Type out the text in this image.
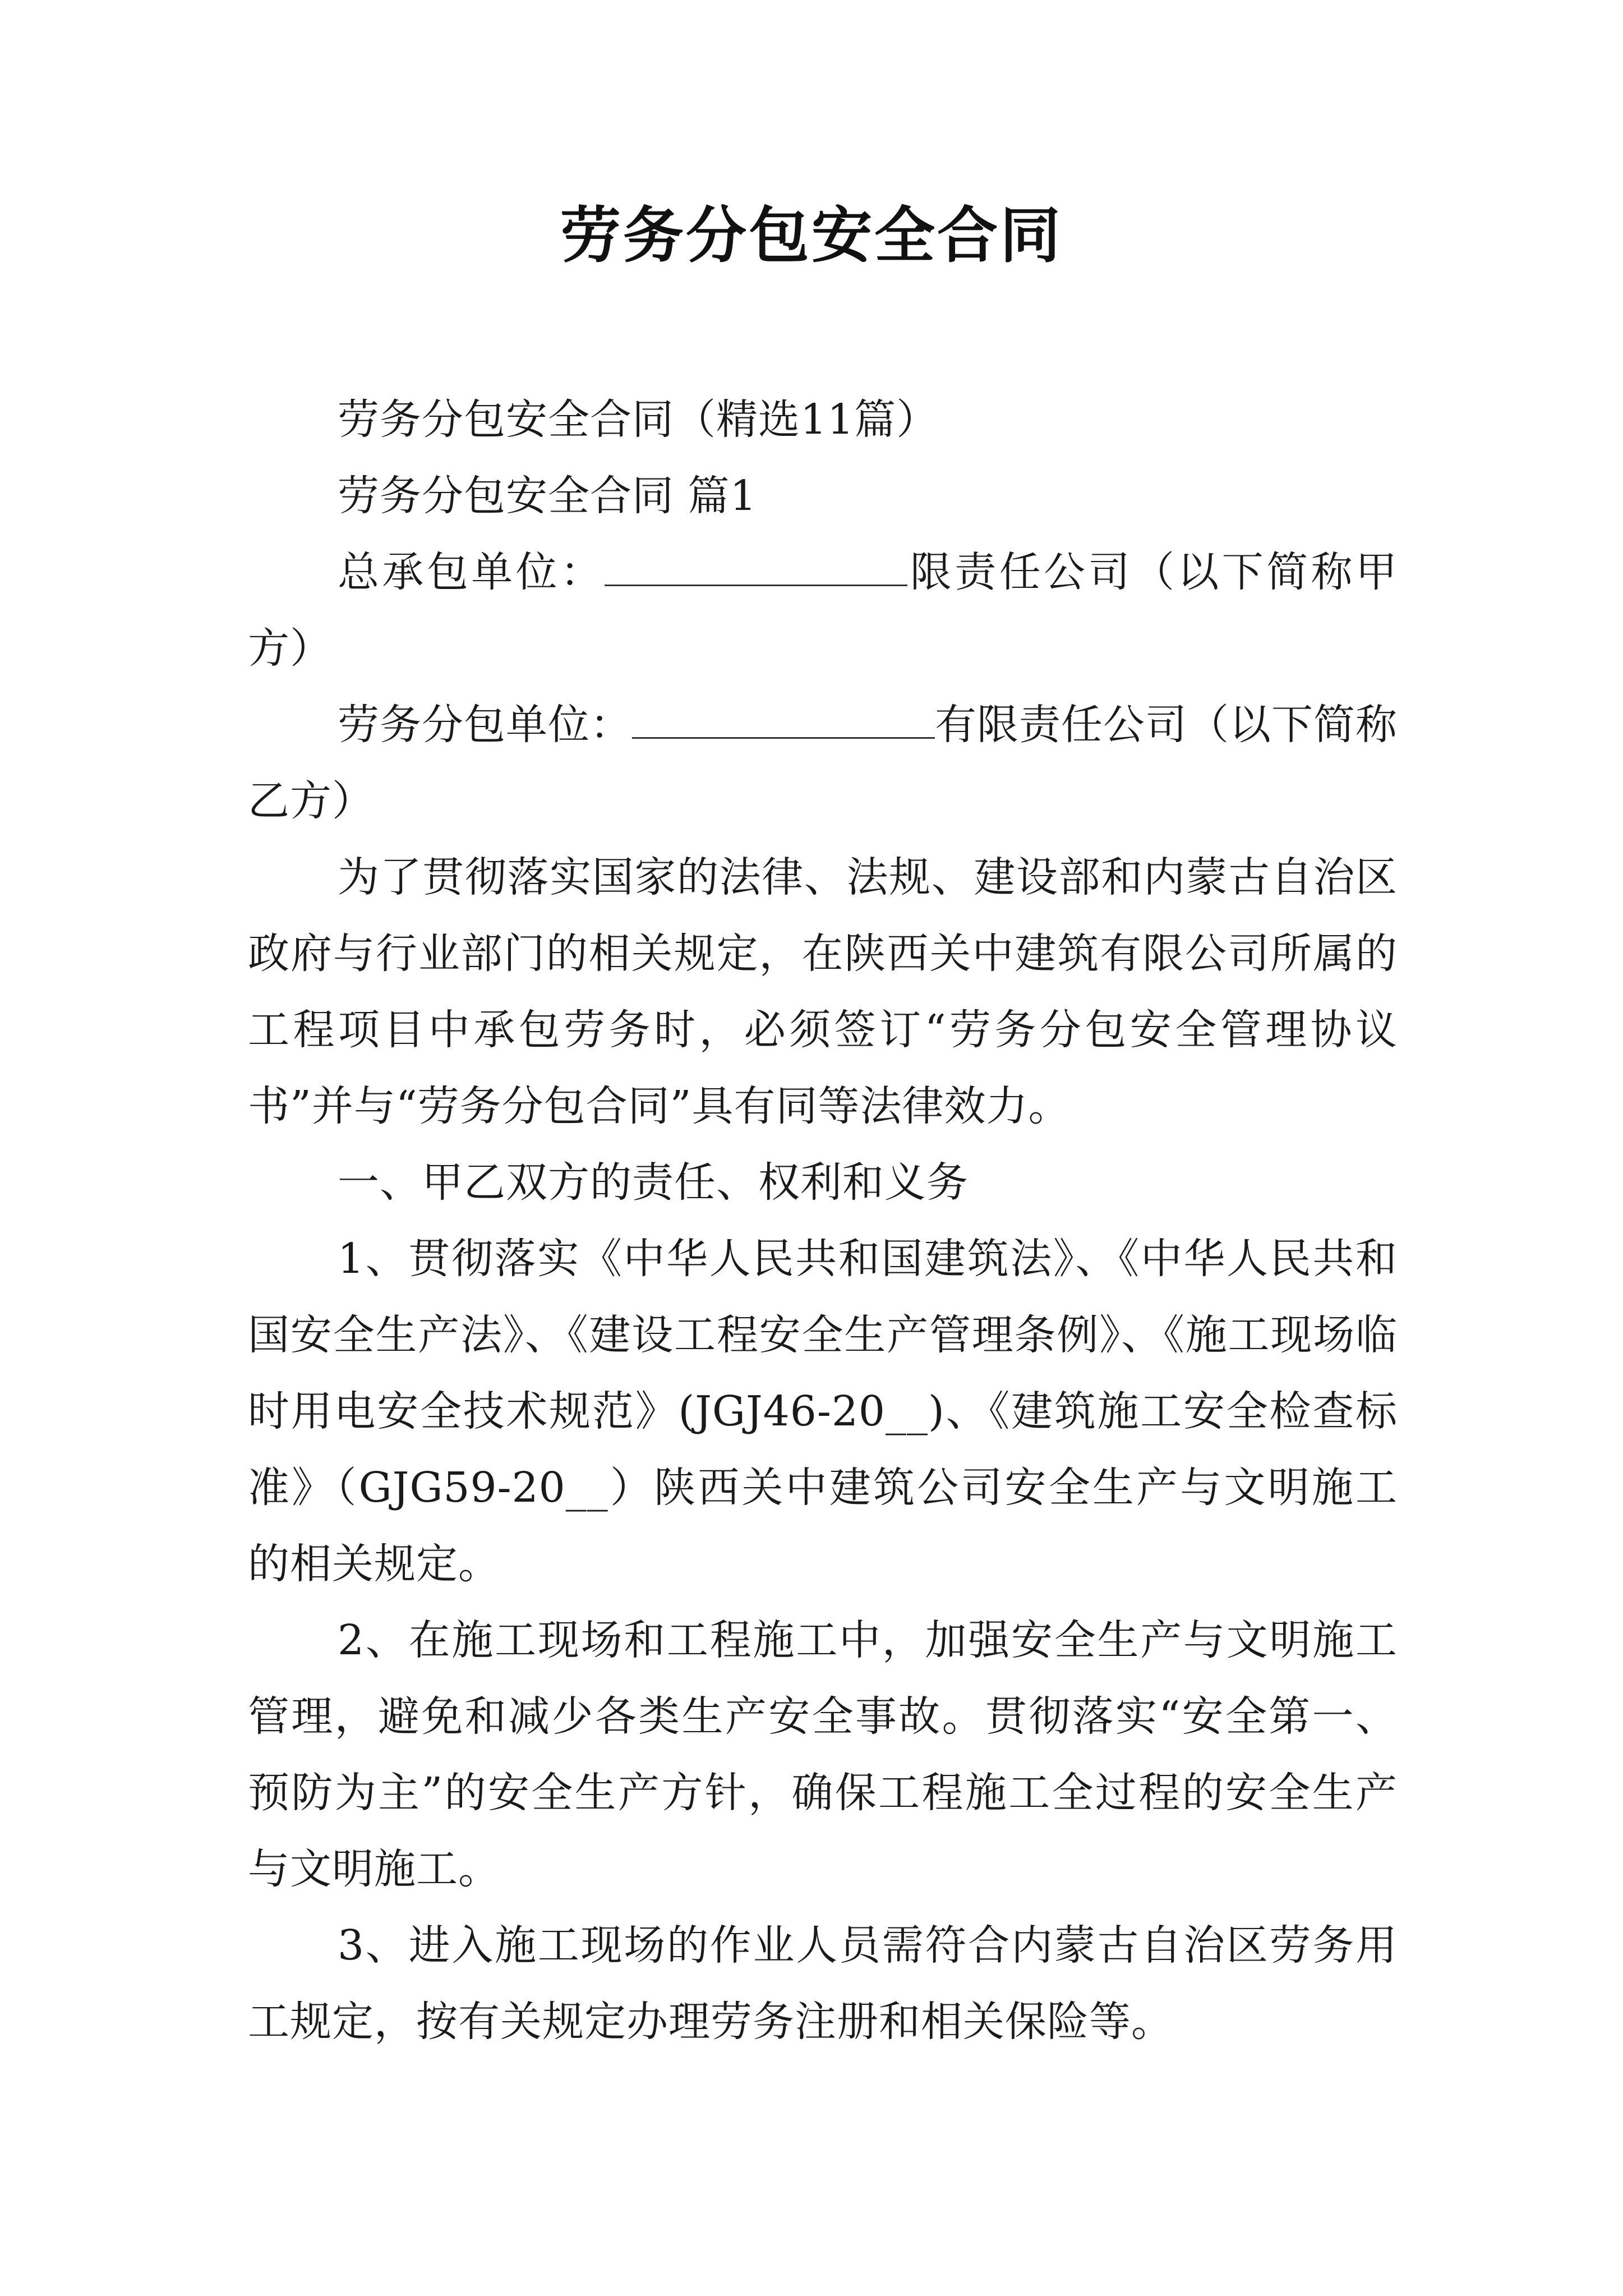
劳务分包安全合同

劳务分包安全合同（精选11篇）

劳务分包安全合同 篇1

总承包单位：	限责任公司（以下简称甲方）

劳务分包单位：	有限责任公司（以下简称乙方）

为了贯彻落实国家的法律、法规、建设部和内蒙古自治区政府与行业部门的相关规定，在陕西关中建筑有限公司所属的工程项目中承包劳务时，必须签订“劳务分包安全管理协议书”并与“劳务分包合同”具有同等法律效力。

一、甲乙双方的责任、权利和义务

1、贯彻落实《中华人民共和国建筑法》、《中华人民共和国安全生产法》、《建设工程安全生产管理条例》、《施工现场临时用电安全技术规范》(JGJ46-20__)、《建筑施工安全检查标准》（GJG59-20__）陕西关中建筑公司安全生产与文明施工的相关规定。

2、在施工现场和工程施工中，加强安全生产与文明施工管理，避免和减少各类生产安全事故。贯彻落实“安全第一、预防为主”的安全生产方针，确保工程施工全过程的安全生产与文明施工。

3、进入施工现场的作业人员需符合内蒙古自治区劳务用工规定，按有关规定办理劳务注册和相关保险等。
